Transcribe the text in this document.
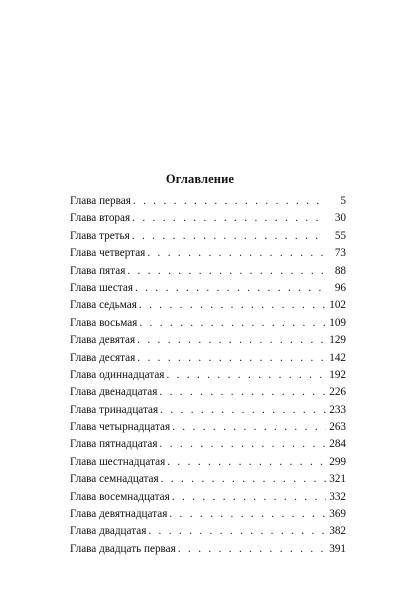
Оглавление
Глава первая . . .	5
Глава вторая . . .	30
Глава третья . . .	55
Глава четвертая . . .	73
Глава пятая . . .	88
Глава шестая . . .	96
Глава седьмая . . .	102
Глава восьмая . . .	109
Глава девятая . . .	129
Глава десятая . . .	142
Глава одиннадцатая . . .	192
Глава двенадцатая . . .	226
Глава тринадцатая . . .	233
Глава четырнадцатая . . .	263
Глава пятнадцатая . . .	284
Глава шестнадцатая . . .	299
Глава семнадцатая . . .	321
Глава восемнадцатая . . .	332
Глава девятнадцатая . . .	369
Глава двадцатая . . .	382
Глава двадцать первая . . .	391
